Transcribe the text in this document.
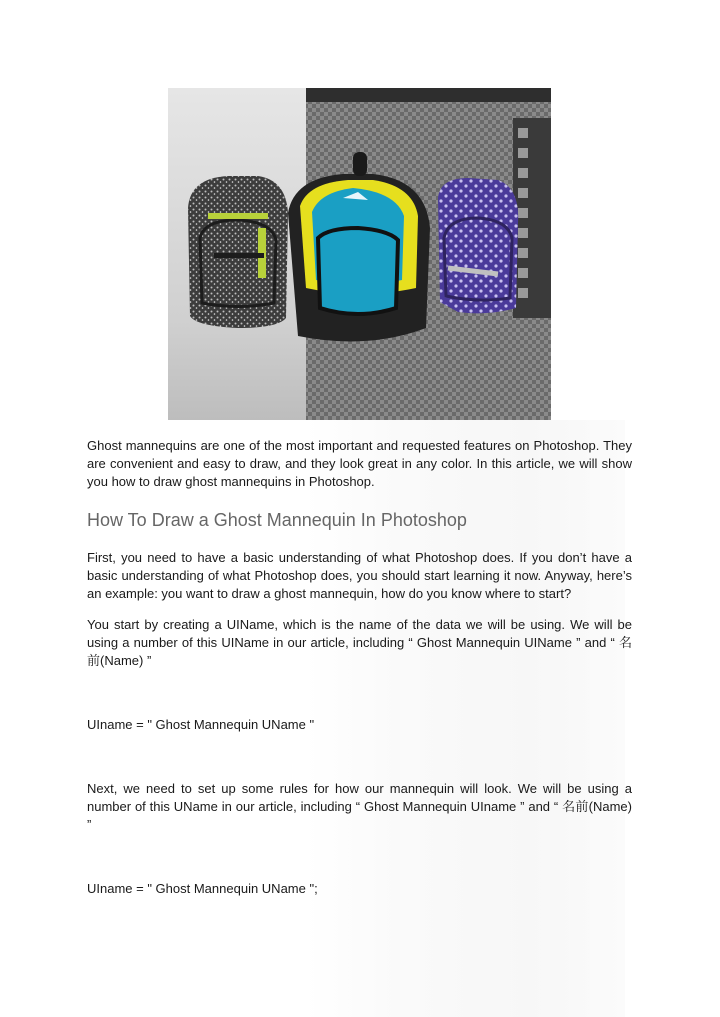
Ghost mannequins are one of the most important and requested features on Photoshop. They are convenient and easy to draw, and they look great in any color. In this article, we will show you how to draw ghost mannequins in Photoshop.

How To Draw a Ghost Mannequin In Photoshop

First, you need to have a basic understanding of what Photoshop does. If you don’t have a basic understanding of what Photoshop does, you should start learning it now. Anyway, here’s an example: you want to draw a ghost mannequin, how do you know where to start?

You start by creating a UIName, which is the name of the data we will be using. We will be using a number of this UIName in our article, including “ Ghost Mannequin UIName ” and “ 名前(Name) ”

UIname = " Ghost Mannequin UName "

Next, we need to set up some rules for how our mannequin will look. We will be using a number of this UName in our article, including “ Ghost Mannequin UIname ” and “ 名前(Name) ”

UIname = " Ghost Mannequin UName ";
